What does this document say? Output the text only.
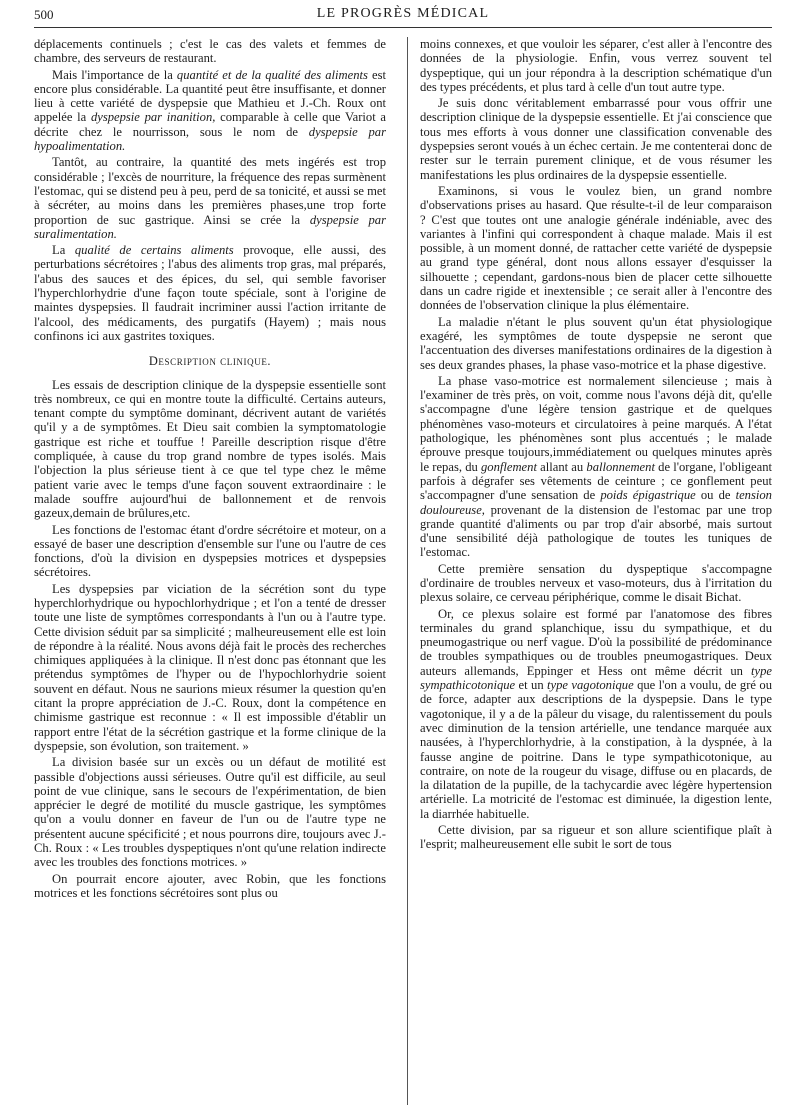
500	LE PROGRÈS MÉDICAL

déplacements continuels ; c'est le cas des valets et femmes de chambre, des serveurs de restaurant.

Mais l'importance de la quantité et de la qualité des aliments est encore plus considérable. La quantité peut être insuffisante, et donner lieu à cette variété de dyspepsie que Mathieu et J.-Ch. Roux ont appelée la dyspepsie par inanition, comparable à celle que Variot a décrite chez le nourrisson, sous le nom de dyspepsie par hypoalimentation.

Tantôt, au contraire, la quantité des mets ingérés est trop considérable ; l'excès de nourriture, la fréquence des repas surmènent l'estomac, qui se distend peu à peu, perd de sa tonicité, et aussi se met à sécréter, au moins dans les premières phases,une trop forte proportion de suc gastrique. Ainsi se crée la dyspepsie par suralimentation.

La qualité de certains aliments provoque, elle aussi, des perturbations sécrétoires ; l'abus des aliments trop gras, mal préparés, l'abus des sauces et des épices, du sel, qui semble favoriser l'hyperchlorhydrie d'une façon toute spéciale, sont à l'origine de maintes dyspepsies. Il faudrait incriminer aussi l'action irritante de l'alcool, des médicaments, des purgatifs (Hayem) ; mais nous confinons ici aux gastrites toxiques.

Description clinique.

Les essais de description clinique de la dyspepsie essentielle sont très nombreux, ce qui en montre toute la difficulté. Certains auteurs, tenant compte du symptôme dominant, décrivent autant de variétés qu'il y a de symptômes. Et Dieu sait combien la symptomatologie gastrique est riche et touffue ! Pareille description risque d'être compliquée, à cause du trop grand nombre de types isolés. Mais l'objection la plus sérieuse tient à ce que tel type chez le même patient varie avec le temps d'une façon souvent extraordinaire : le malade souffre aujourd'hui de ballonnement et de renvois gazeux,demain de brûlures,etc.

Les fonctions de l'estomac étant d'ordre sécrétoire et moteur, on a essayé de baser une description d'ensemble sur l'une ou l'autre de ces fonctions, d'où la division en dyspepsies motrices et dyspepsies sécrétoires.

Les dyspepsies par viciation de la sécrétion sont du type hyperchlorhydrique ou hypochlorhydrique ; et l'on a tenté de dresser toute une liste de symptômes correspondants à l'un ou à l'autre type. Cette division séduit par sa simplicité ; malheureusement elle est loin de répondre à la réalité. Nous avons déjà fait le procès des recherches chimiques appliquées à la clinique. Il n'est donc pas étonnant que les prétendus symptômes de l'hyper ou de l'hypochlorhydrie soient souvent en défaut. Nous ne saurions mieux résumer la question qu'en citant la propre appréciation de J.-C. Roux, dont la compétence en chimisme gastrique est reconnue : « Il est impossible d'établir un rapport entre l'état de la sécrétion gastrique et la forme clinique de la dyspepsie, son évolution, son traitement. »

La division basée sur un excès ou un défaut de motilité est passible d'objections aussi sérieuses. Outre qu'il est difficile, au seul point de vue clinique, sans le secours de l'expérimentation, de bien apprécier le degré de motilité du muscle gastrique, les symptômes qu'on a voulu donner en faveur de l'un ou de l'autre type ne présentent aucune spécificité ; et nous pourrons dire, toujours avec J.-Ch. Roux : « Les troubles dyspeptiques n'ont qu'une relation indirecte avec les troubles des fonctions motrices. »

On pourrait encore ajouter, avec Robin, que les fonctions motrices et les fonctions sécrétoires sont plus ou

moins connexes, et que vouloir les séparer, c'est aller à l'encontre des données de la physiologie. Enfin, vous verrez souvent tel dyspeptique, qui un jour répondra à la description schématique d'un des types précédents, et plus tard à celle d'un tout autre type.

Je suis donc véritablement embarrassé pour vous offrir une description clinique de la dyspepsie essentielle. Et j'ai conscience que tous mes efforts à vous donner une classification convenable des dyspepsies seront voués à un échec certain. Je me contenterai donc de rester sur le terrain purement clinique, et de vous résumer les manifestations les plus ordinaires de la dyspepsie essentielle.

Examinons, si vous le voulez bien, un grand nombre d'observations prises au hasard. Que résulte-t-il de leur comparaison ? C'est que toutes ont une analogie générale indéniable, avec des variantes à l'infini qui correspondent à chaque malade. Mais il est possible, à un moment donné, de rattacher cette variété de dyspepsie au grand type général, dont nous allons essayer d'esquisser la silhouette ; cependant, gardons-nous bien de placer cette silhouette dans un cadre rigide et inextensible ; ce serait aller à l'encontre des données de l'observation clinique la plus élémentaire.

La maladie n'étant le plus souvent qu'un état physiologique exagéré, les symptômes de toute dyspepsie ne seront que l'accentuation des diverses manifestations ordinaires de la digestion à ses deux grandes phases, la phase vaso-motrice et la phase digestive.

La phase vaso-motrice est normalement silencieuse ; mais à l'examiner de très près, on voit, comme nous l'avons déjà dit, qu'elle s'accompagne d'une légère tension gastrique et de quelques phénomènes vaso-moteurs et circulatoires à peine marqués. A l'état pathologique, les phénomènes sont plus accentués ; le malade éprouve presque toujours,immédiatement ou quelques minutes après le repas, du gonflement allant au ballonnement de l'organe, l'obligeant parfois à dégrafer ses vêtements de ceinture ; ce gonflement peut s'accompagner d'une sensation de poids épigastrique ou de tension douloureuse, provenant de la distension de l'estomac par une trop grande quantité d'aliments ou par trop d'air absorbé, mais surtout d'une sensibilité déjà pathologique de toutes les tuniques de l'estomac.

Cette première sensation du dyspeptique s'accompagne d'ordinaire de troubles nerveux et vaso-moteurs, dus à l'irritation du plexus solaire, ce cerveau périphérique, comme le disait Bichat.

Or, ce plexus solaire est formé par l'anatomose des fibres terminales du grand splanchique, issu du sympathique, et du pneumogastrique ou nerf vague. D'où la possibilité de prédominance de troubles sympathiques ou de troubles pneumogastriques. Deux auteurs allemands, Eppinger et Hess ont même décrit un type sympathicotonique et un type vagotonique que l'on a voulu, de gré ou de force, adapter aux descriptions de la dyspepsie. Dans le type vagotonique, il y a de la pâleur du visage, du ralentissement du pouls avec diminution de la tension artérielle, une tendance marquée aux nausées, à l'hyperchlorhydrie, à la constipation, à la dyspnée, à la fausse angine de poitrine. Dans le type sympathicotonique, au contraire, on note de la rougeur du visage, diffuse ou en placards, de la dilatation de la pupille, de la tachycardie avec légère hypertension artérielle. La motricité de l'estomac est diminuée, la digestion lente, la diarrhée habituelle.

Cette division, par sa rigueur et son allure scientifique plaît à l'esprit; malheureusement elle subit le sort de tous
